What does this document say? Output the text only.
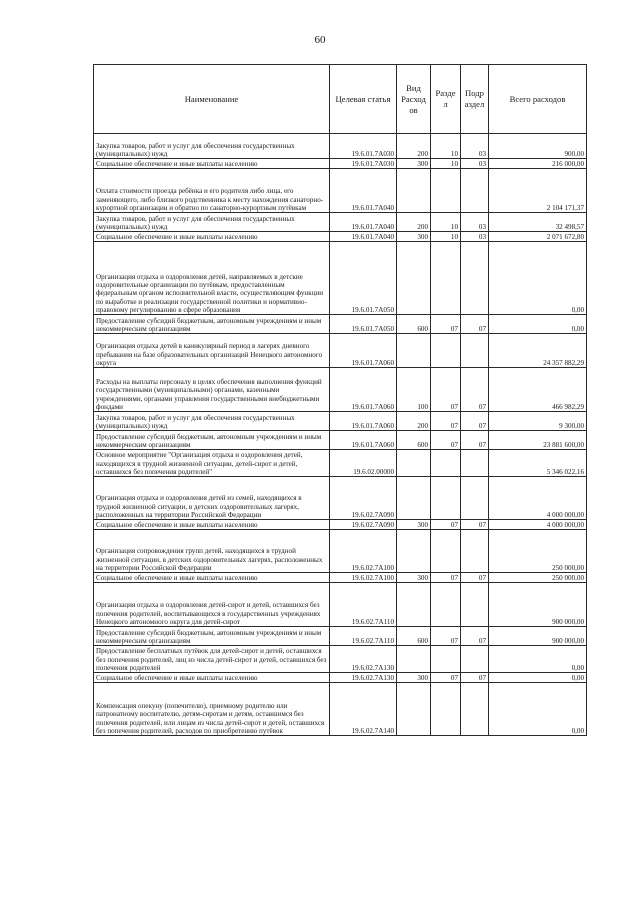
60
Наименование	Целевая статья	Вид Расход ов	Разде л	Подр аздел	Всего расходов
Закупка товаров, работ и услуг для обеспечения государственных (муниципальных) нужд	19.6.01.7А030	200	10	03	900,00
Социальное обеспечение и иные выплаты населению	19.6.01.7А030	300	10	03	216 000,00
Оплата стоимости проезда ребёнка и его родителя либо лица, его заменяющего, либо близкого родственника к месту нахождения санаторно-курортной организации и обратно по санаторно-курортным путёвкам	19.6.01.7А040				2 104 171,37
Закупка товаров, работ и услуг для обеспечения государственных (муниципальных) нужд	19.6.01.7А040	200	10	03	32 498,57
Социальное обеспечение и иные выплаты населению	19.6.01.7А040	300	10	03	2 071 672,80
Организация отдыха и оздоровления детей, направляемых в детские оздоровительные организации по путёвкам, предоставленным федеральным органом исполнительной власти, осуществляющим функции по выработке и реализации государственной политики и нормативно-правовому регулированию в сфере образования	19.6.01.7А050				0,00
Предоставление субсидий бюджетным, автономным учреждениям и иным некоммерческим организациям	19.6.01.7А050	600	07	07	0,00
Организация отдыха детей в каникулярный период в лагерях дневного пребывания на базе образовательных организаций Ненецкого автономного округа	19.6.01.7А060				24 357 882,29
Расходы на выплаты персоналу в целях обеспечения выполнения функций государственными (муниципальными) органами, казенными учреждениями, органами управления государственными внебюджетными фондами	19.6.01.7А060	100	07	07	466 982,29
Закупка товаров, работ и услуг для обеспечения государственных (муниципальных) нужд	19.6.01.7А060	200	07	07	9 300,00
Предоставление субсидий бюджетным, автономным учреждениям и иным некоммерческим организациям	19.6.01.7А060	600	07	07	23 881 600,00
Основное мероприятие "Организация отдыха и оздоровления детей, находящихся в трудной жизненной ситуации, детей-сирот и детей, оставшихся без попечения родителей"	19.6.02.00000				5 346 022,16
Организация отдыха и оздоровления детей из семей, находящихся в трудной жизненной ситуации, в детских оздоровительных лагерях, расположенных на территории Российской Федерации	19.6.02.7А090				4 000 000,00
Социальное обеспечение и иные выплаты населению	19.6.02.7А090	300	07	07	4 000 000,00
Организация сопровождения групп детей, находящихся в трудной жизненной ситуации, в детских оздоровительных лагерях, расположенных на территории Российской Федерации	19.6.02.7А100				250 000,00
Социальное обеспечение и иные выплаты населению	19.6.02.7А100	300	07	07	250 000,00
Организация отдыха и оздоровления детей-сирот и детей, оставшихся без попечения родителей, воспитывающихся в государственных учреждениях Ненецкого автономного округа для детей-сирот	19.6.02.7А110				900 000,00
Предоставление субсидий бюджетным, автономным учреждениям и иным некоммерческим организациям	19.6.02.7А110	600	07	07	900 000,00
Предоставление бесплатных путёвок для детей-сирот и детей, оставшихся без попечения родителей, лиц из числа детей-сирот и детей, оставшихся без попечения родителей	19.6.02.7А130				0,00
Социальное обеспечение и иные выплаты населению	19.6.02.7А130	300	07	07	0,00
Компенсация опекуну (попечителю), приемному родителю или патронатному воспитателю, детям-сиротам и детям, оставшимся без попечения родителей, или лицам из числа детей-сирот и детей, оставшихся без попечения родителей, расходов по приобретению путёвок	19.6.02.7А140				0,00
